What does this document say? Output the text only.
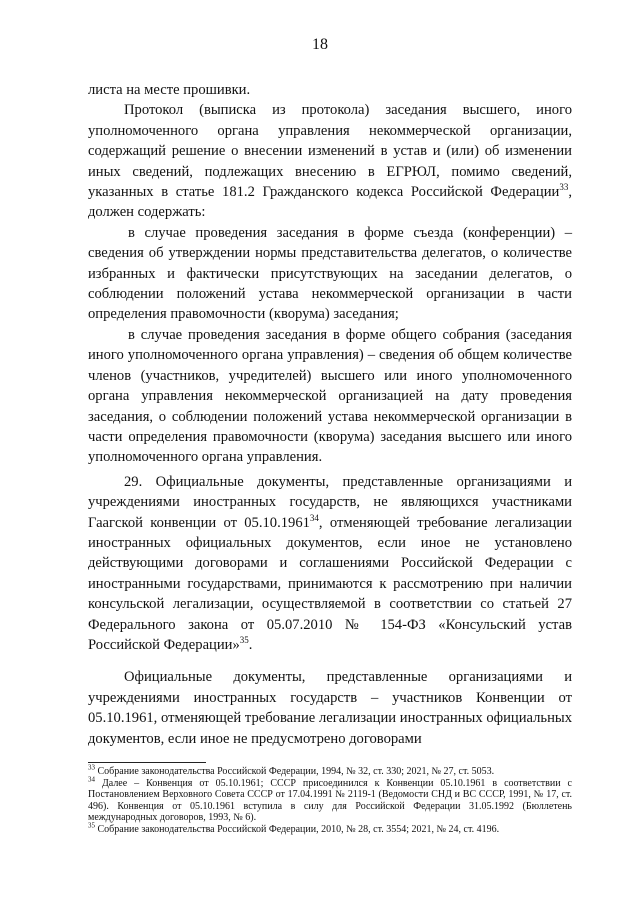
18

листа на месте прошивки.

Протокол (выписка из протокола) заседания высшего, иного уполномоченного органа управления некоммерческой организации, содержащий решение о внесении изменений в устав и (или) об изменении иных сведений, подлежащих внесению в ЕГРЮЛ, помимо сведений, указанных в статье 181.2 Гражданского кодекса Российской Федерации$^{33}$, должен содержать:

в случае проведения заседания в форме съезда (конференции) – сведения об утверждении нормы представительства делегатов, о количестве избранных и фактически присутствующих на заседании делегатов, о соблюдении положений устава некоммерческой организации в части определения правомочности (кворума) заседания;

в случае проведения заседания в форме общего собрания (заседания иного уполномоченного органа управления) – сведения об общем количестве членов (участников, учредителей) высшего или иного уполномоченного органа управления некоммерческой организацией на дату проведения заседания, о соблюдении положений устава некоммерческой организации в части определения правомочности (кворума) заседания высшего или иного уполномоченного органа управления.

29. Официальные документы, представленные организациями и учреждениями иностранных государств, не являющихся участниками Гаагской конвенции от 05.10.1961$^{34}$, отменяющей требование легализации иностранных официальных документов, если иное не установлено действующими договорами и соглашениями Российской Федерации с иностранными государствами, принимаются к рассмотрению при наличии консульской легализации, осуществляемой в соответствии со статьей 27 Федерального закона от 05.07.2010 № 154-ФЗ «Консульский устав Российской Федерации»$^{35}$.

Официальные документы, представленные организациями и учреждениями иностранных государств – участников Конвенции от 05.10.1961, отменяющей требование легализации иностранных официальных документов, если иное не предусмотрено договорами

$^{33}$ Собрание законодательства Российской Федерации, 1994, № 32, ст. 330; 2021, № 27, ст. 5053.

$^{34}$ Далее – Конвенция от 05.10.1961; СССР присоединился к Конвенции 05.10.1961 в соответствии с Постановлением Верховного Совета СССР от 17.04.1991 № 2119-1 (Ведомости СНД и ВС СССР, 1991, № 17, ст. 496). Конвенция от 05.10.1961 вступила в силу для Российской Федерации 31.05.1992 (Бюллетень международных договоров, 1993, № 6).

$^{35}$ Собрание законодательства Российской Федерации, 2010, № 28, ст. 3554; 2021, № 24, ст. 4196.
